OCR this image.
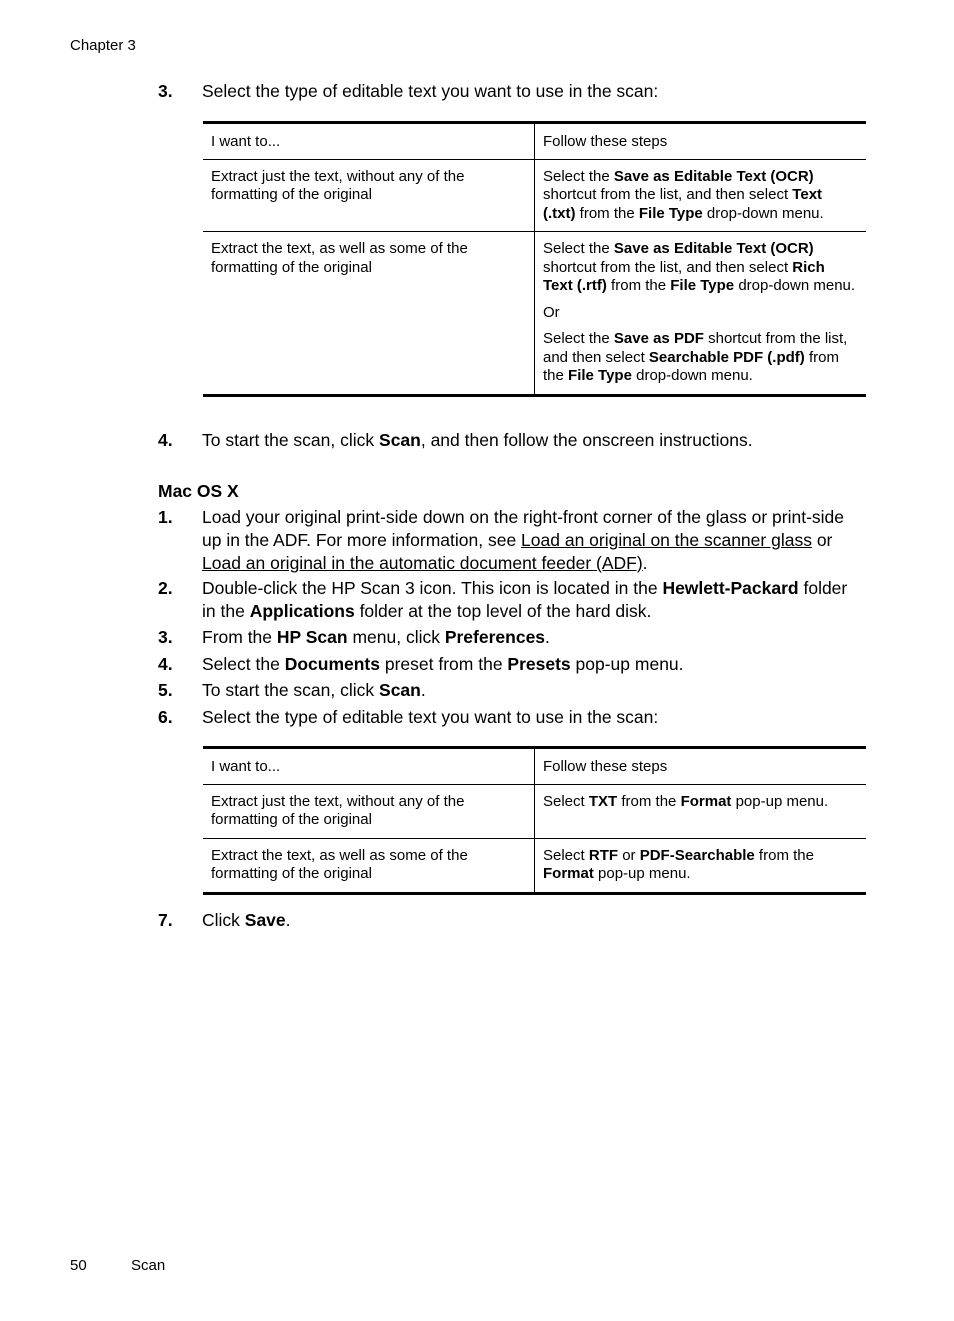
Chapter 3
3. Select the type of editable text you want to use in the scan:
I want to...	Follow these steps
Extract just the text, without any of the formatting of the original	Select the Save as Editable Text (OCR) shortcut from the list, and then select Text (.txt) from the File Type drop-down menu.

Extract the text, as well as some of the formatting of the original	Select the Save as Editable Text (OCR) shortcut from the list, and then select Rich Text (.rtf) from the File Type drop-down menu.

Or

Select the Save as PDF shortcut from the list, and then select Searchable PDF (.pdf) from the File Type drop-down menu.

4. To start the scan, click Scan, and then follow the onscreen instructions.
Mac OS X
1. Load your original print-side down on the right-front corner of the glass or print-side up in the ADF. For more information, see Load an original on the scanner glass or Load an original in the automatic document feeder (ADF).
2. Double-click the HP Scan 3 icon. This icon is located in the Hewlett-Packard folder in the Applications folder at the top level of the hard disk.
3. From the HP Scan menu, click Preferences.
4. Select the Documents preset from the Presets pop-up menu.
5. To start the scan, click Scan.
6. Select the type of editable text you want to use in the scan:
I want to...	Follow these steps
Extract just the text, without any of the formatting of the original	Select TXT from the Format pop-up menu.

Extract the text, as well as some of the formatting of the original	Select RTF or PDF-Searchable from the Format pop-up menu.

7. Click Save.
50	Scan
